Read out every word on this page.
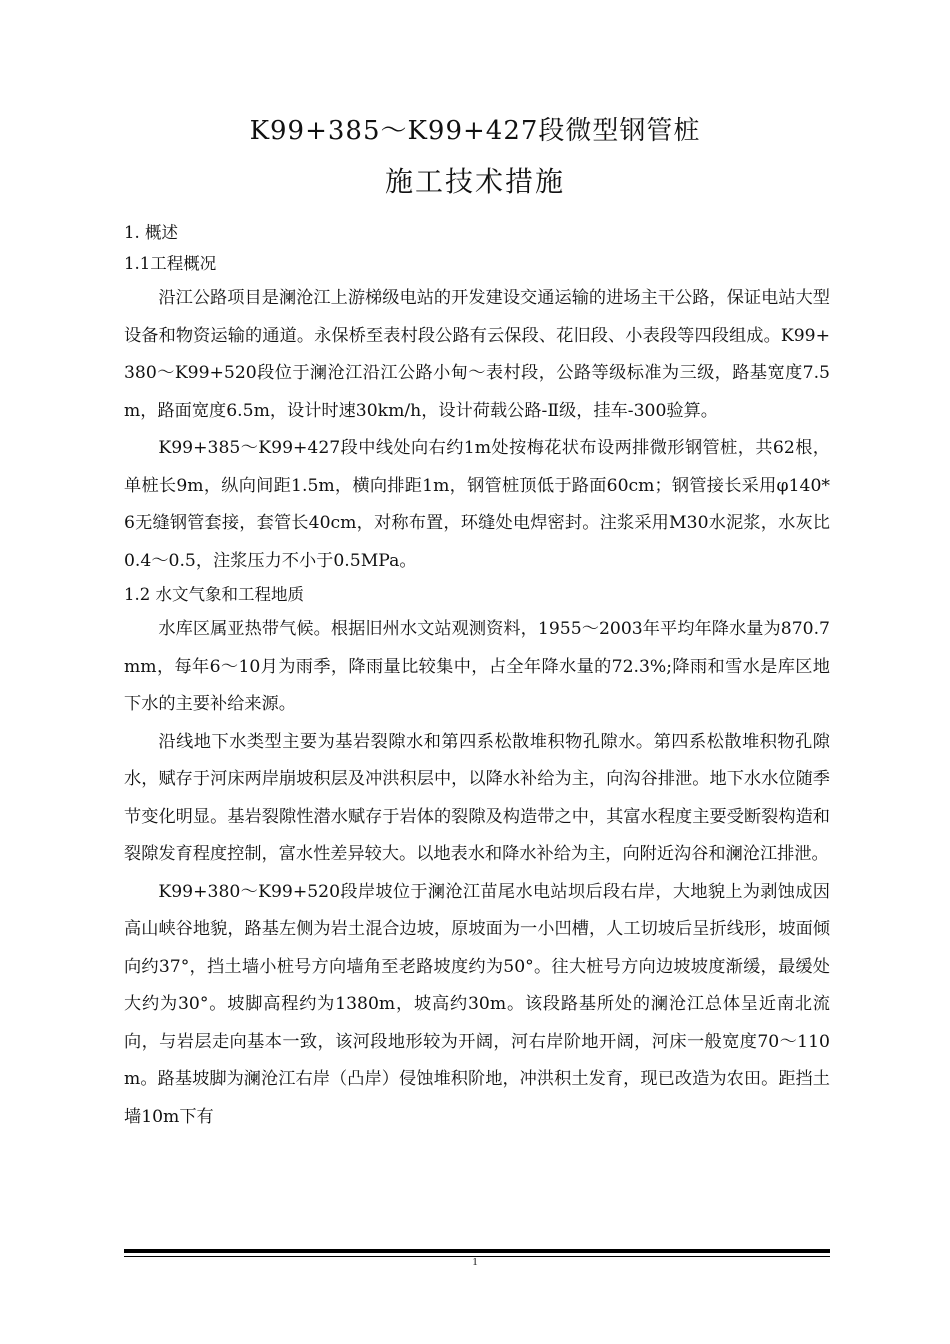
K99+385～K99+427段微型钢管桩
施工技术措施

1. 概述

1.1工程概况

沿江公路项目是澜沧江上游梯级电站的开发建设交通运输的进场主干公路，保证电站大型设备和物资运输的通道。永保桥至表村段公路有云保段、花旧段、小表段等四段组成。K99+380～K99+520段位于澜沧江沿江公路小甸～表村段，公路等级标准为三级，路基宽度7.5m，路面宽度6.5m，设计时速30km/h，设计荷载公路-Ⅱ级，挂车-300验算。

K99+385～K99+427段中线处向右约1m处按梅花状布设两排微形钢管桩，共62根，单桩长9m，纵向间距1.5m，横向排距1m，钢管桩顶低于路面60cm；钢管接长采用φ140*6无缝钢管套接，套管长40cm，对称布置，环缝处电焊密封。注浆采用M30水泥浆，水灰比0.4～0.5，注浆压力不小于0.5MPa。

1.2 水文气象和工程地质

水库区属亚热带气候。根据旧州水文站观测资料，1955～2003年平均年降水量为870.7mm，每年6～10月为雨季，降雨量比较集中，占全年降水量的72.3%;降雨和雪水是库区地下水的主要补给来源。

沿线地下水类型主要为基岩裂隙水和第四系松散堆积物孔隙水。第四系松散堆积物孔隙水，赋存于河床两岸崩坡积层及冲洪积层中，以降水补给为主，向沟谷排泄。地下水水位随季节变化明显。基岩裂隙性潜水赋存于岩体的裂隙及构造带之中，其富水程度主要受断裂构造和裂隙发育程度控制，富水性差异较大。以地表水和降水补给为主，向附近沟谷和澜沧江排泄。

K99+380～K99+520段岸坡位于澜沧江苗尾水电站坝后段右岸，大地貌上为剥蚀成因高山峡谷地貌，路基左侧为岩土混合边坡，原坡面为一小凹槽，人工切坡后呈折线形，坡面倾向约37°，挡土墙小桩号方向墙角至老路坡度约为50°。往大桩号方向边坡坡度渐缓，最缓处大约为30°。坡脚高程约为1380m，坡高约30m。该段路基所处的澜沧江总体呈近南北流向，与岩层走向基本一致，该河段地形较为开阔，河右岸阶地开阔，河床一般宽度70～110m。路基坡脚为澜沧江右岸（凸岸）侵蚀堆积阶地，冲洪积土发育，现已改造为农田。距挡土墙10m下有

1
